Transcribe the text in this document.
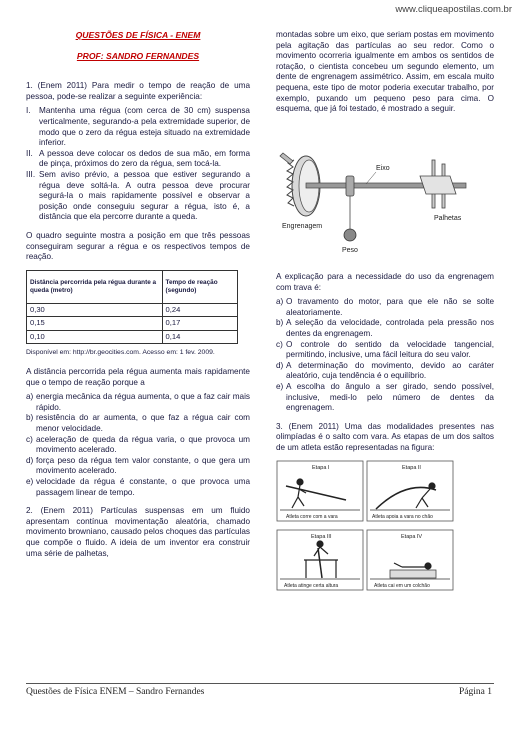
www.cliqueapostilas.com.br
QUESTÕES DE FÍSICA - ENEM
PROF: SANDRO FERNANDES

1. (Enem 2011) Para medir o tempo de reação de uma pessoa, pode-se realizar a seguinte experiência:

I.	Mantenha uma régua (com cerca de 30 cm) suspensa verticalmente, segurando-a pela extremidade superior, de modo que o zero da régua esteja situado na extremidade inferior.
II. A pessoa deve colocar os dedos de sua mão, em forma de pinça, próximos do zero da régua, sem tocá-la.
III. Sem aviso prévio, a pessoa que estiver segurando a régua deve soltá-la. A outra pessoa deve procurar segurá-la o mais rapidamente possível e observar a posição onde conseguiu segurar a régua, isto é, a distância que ela percorre durante a queda.

O quadro seguinte mostra a posição em que três pessoas conseguiram segurar a régua e os respectivos tempos de reação.

Distância percorrida pela régua durante a queda (metro)	Tempo de reação (segundo)
0,30	0,24
0,15	0,17
0,10	0,14
Disponível em: http://br.geocities.com. Acesso em: 1 fev. 2009.

A distância percorrida pela régua aumenta mais rapidamente que o tempo de reação porque a

a) energia mecânica da régua aumenta, o que a faz cair mais rápido.
b) resistência do ar aumenta, o que faz a régua cair com menor velocidade.
c) aceleração de queda da régua varia, o que provoca um movimento acelerado.
d) força peso da régua tem valor constante, o que gera um movimento acelerado.
e) velocidade da régua é constante, o que provoca uma passagem linear de tempo.

2. (Enem 2011) Partículas suspensas em um fluido apresentam contínua movimentação aleatória, chamado movimento browniano, causado pelos choques das partículas que compõe o fluido. A ideia de um inventor era construir uma série de palhetas,

montadas sobre um eixo, que seriam postas em movimento pela agitação das partículas ao seu redor. Como o movimento ocorreria igualmente em ambos os sentidos de rotação, o cientista concebeu um segundo elemento, um dente de engrenagem assimétrico. Assim, em escala muito pequena, este tipo de motor poderia executar trabalho, por exemplo, puxando um pequeno peso para cima. O esquema, que já foi testado, é mostrado a seguir.

Eixo
Engrenagem
Palhetas
Peso

A explicação para a necessidade do uso da engrenagem com trava é:

a) O travamento do motor, para que ele não se solte aleatoriamente.
b) A seleção da velocidade, controlada pela pressão nos dentes da engrenagem.
c) O controle do sentido da velocidade tangencial, permitindo, inclusive, uma fácil leitura do seu valor.
d) A determinação do movimento, devido ao caráter aleatório, cuja tendência é o equilíbrio.
e) A escolha do ângulo a ser girado, sendo possível, inclusive, medi-lo pelo número de dentes da engrenagem.

3. (Enem 2011) Uma das modalidades presentes nas olimpíadas é o salto com vara. As etapas de um dos saltos de um atleta estão representadas na figura:

Etapa I	Etapa II
Etapa III	Etapa IV
Atleta corre com a vara	Atleta apoia a vara no chão
Atleta atinge certa altura	Atleta cai em um colchão
Questões de Física ENEM – Sandro Fernandes	Página 1
